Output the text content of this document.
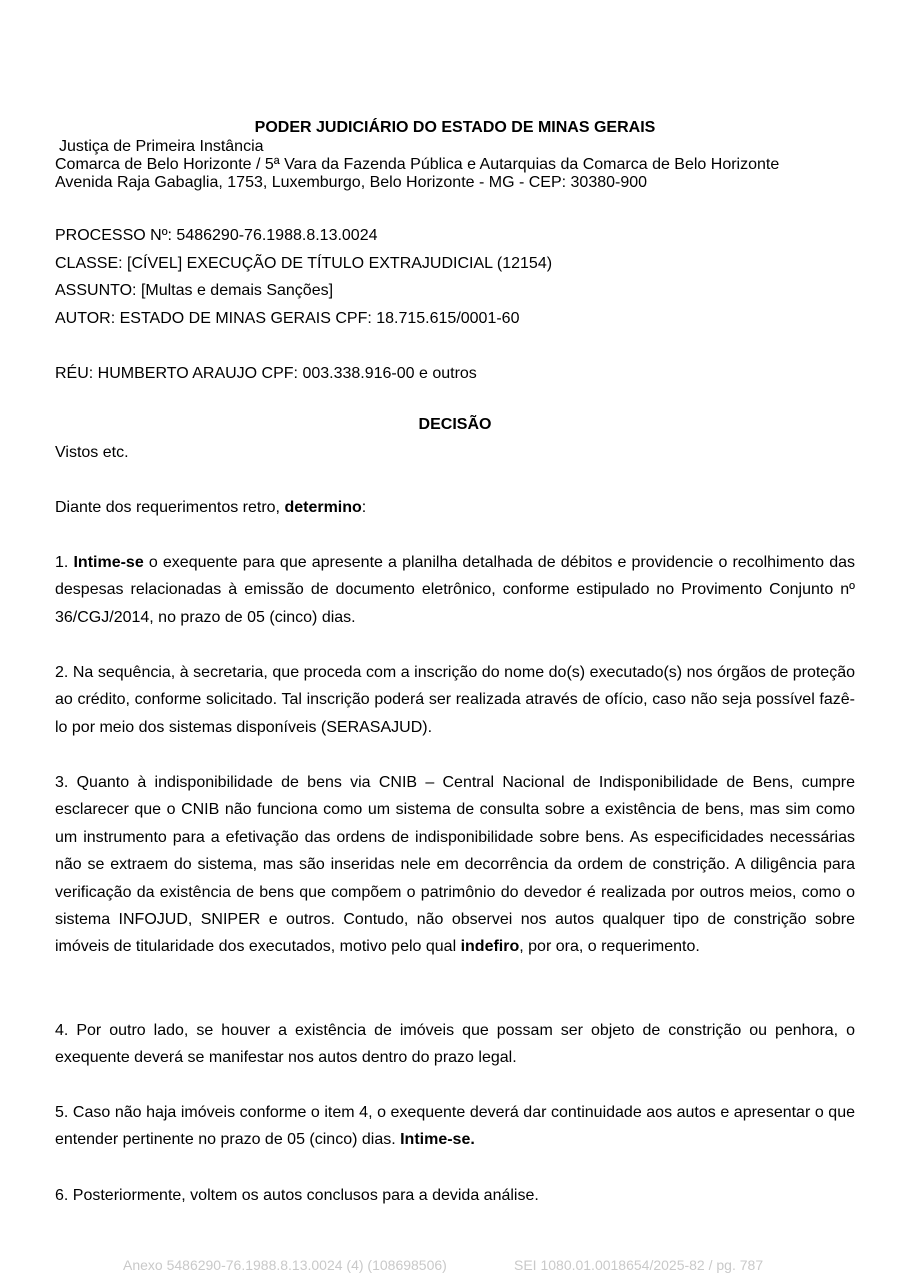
PODER JUDICIÁRIO DO ESTADO DE MINAS GERAIS
Justiça de Primeira Instância
Comarca de Belo Horizonte / 5ª Vara da Fazenda Pública e Autarquias da Comarca de Belo Horizonte
Avenida Raja Gabaglia, 1753, Luxemburgo, Belo Horizonte - MG - CEP: 30380-900
PROCESSO Nº: 5486290-76.1988.8.13.0024
CLASSE: [CÍVEL] EXECUÇÃO DE TÍTULO EXTRAJUDICIAL (12154)
ASSUNTO: [Multas e demais Sanções]
AUTOR: ESTADO DE MINAS GERAIS CPF: 18.715.615/0001-60
RÉU: HUMBERTO ARAUJO CPF: 003.338.916-00 e outros
DECISÃO
Vistos etc.
Diante dos requerimentos retro, determino:
1. Intime-se o exequente para que apresente a planilha detalhada de débitos e providencie o recolhimento das despesas relacionadas à emissão de documento eletrônico, conforme estipulado no Provimento Conjunto nº 36/CGJ/2014, no prazo de 05 (cinco) dias.
2. Na sequência, à secretaria, que proceda com a inscrição do nome do(s) executado(s) nos órgãos de proteção ao crédito, conforme solicitado. Tal inscrição poderá ser realizada através de ofício, caso não seja possível fazê-lo por meio dos sistemas disponíveis (SERASAJUD).
3. Quanto à indisponibilidade de bens via CNIB – Central Nacional de Indisponibilidade de Bens, cumpre esclarecer que o CNIB não funciona como um sistema de consulta sobre a existência de bens, mas sim como um instrumento para a efetivação das ordens de indisponibilidade sobre bens. As especificidades necessárias não se extraem do sistema, mas são inseridas nele em decorrência da ordem de constrição. A diligência para verificação da existência de bens que compõem o patrimônio do devedor é realizada por outros meios, como o sistema INFOJUD, SNIPER e outros. Contudo, não observei nos autos qualquer tipo de constrição sobre imóveis de titularidade dos executados, motivo pelo qual indefiro, por ora, o requerimento.
4. Por outro lado, se houver a existência de imóveis que possam ser objeto de constrição ou penhora, o exequente deverá se manifestar nos autos dentro do prazo legal.
5. Caso não haja imóveis conforme o item 4, o exequente deverá dar continuidade aos autos e apresentar o que entender pertinente no prazo de 05 (cinco) dias. Intime-se.
6. Posteriormente, voltem os autos conclusos para a devida análise.
Anexo 5486290-76.1988.8.13.0024 (4) (108698506)	SEI 1080.01.0018654/2025-82 / pg. 787
